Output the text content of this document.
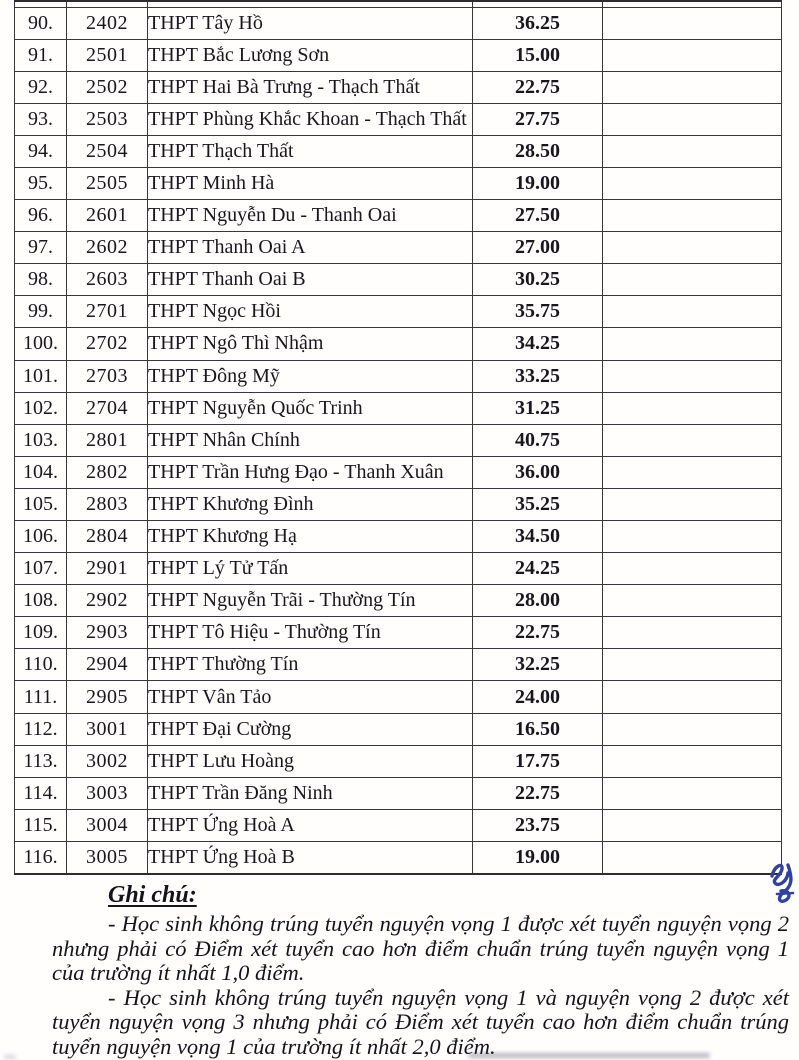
90.	2402	THPT Tây Hồ	36.25	
91.	2501	THPT Bắc Lương Sơn	15.00	
92.	2502	THPT Hai Bà Trưng - Thạch Thất	22.75	
93.	2503	THPT Phùng Khắc Khoan - Thạch Thất	27.75	
94.	2504	THPT Thạch Thất	28.50	
95.	2505	THPT Minh Hà	19.00	
96.	2601	THPT Nguyễn Du - Thanh Oai	27.50	
97.	2602	THPT Thanh Oai A	27.00	
98.	2603	THPT Thanh Oai B	30.25	
99.	2701	THPT Ngọc Hồi	35.75	
100.	2702	THPT Ngô Thì Nhậm	34.25	
101.	2703	THPT Đông Mỹ	33.25	
102.	2704	THPT Nguyễn Quốc Trinh	31.25	
103.	2801	THPT Nhân Chính	40.75	
104.	2802	THPT Trần Hưng Đạo - Thanh Xuân	36.00	
105.	2803	THPT Khương Đình	35.25	
106.	2804	THPT Khương Hạ	34.50	
107.	2901	THPT Lý Tử Tấn	24.25	
108.	2902	THPT Nguyễn Trãi - Thường Tín	28.00	
109.	2903	THPT Tô Hiệu - Thường Tín	22.75	
110.	2904	THPT Thường Tín	32.25	
111.	2905	THPT Vân Tảo	24.00	
112.	3001	THPT Đại Cường	16.50	
113.	3002	THPT Lưu Hoàng	17.75	
114.	3003	THPT Trần Đăng Ninh	22.75	
115.	3004	THPT Ứng Hoà A	23.75	
116.	3005	THPT Ứng Hoà B	19.00	

Ghi chú:

- Học sinh không trúng tuyển nguyện vọng 1 được xét tuyển nguyện vọng 2 nhưng phải có Điểm xét tuyển cao hơn điểm chuẩn trúng tuyển nguyện vọng 1 của trường ít nhất 1,0 điểm.

- Học sinh không trúng tuyển nguyện vọng 1 và nguyện vọng 2 được xét tuyển nguyện vọng 3 nhưng phải có Điểm xét tuyển cao hơn điểm chuẩn trúng tuyển nguyện vọng 1 của trường ít nhất 2,0 điểm.
